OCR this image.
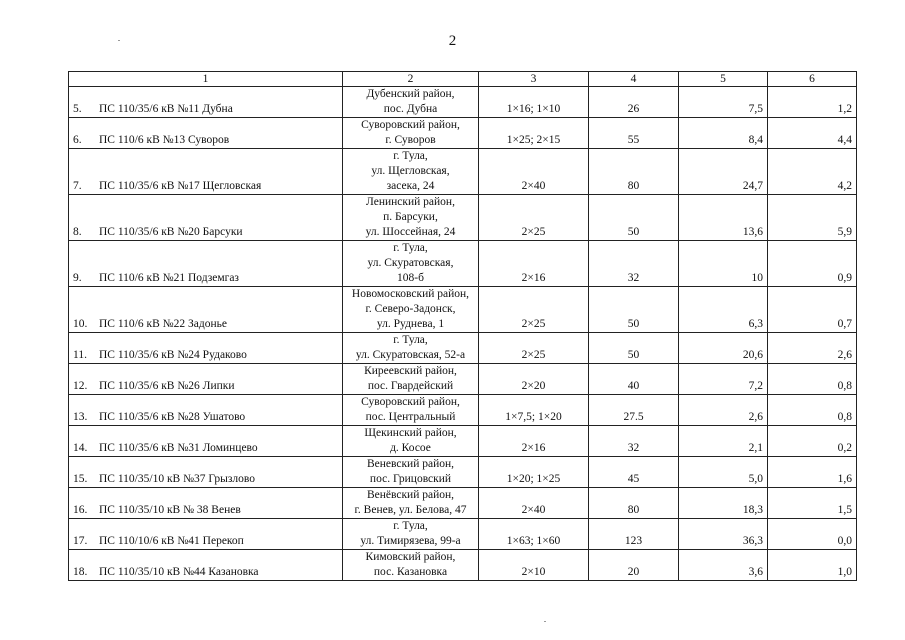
2
1	2	3	4	5	6
5. ПС 110/35/6 кВ №11 Дубна	Дубенский район,
пос. Дубна	1×16; 1×10	26	7,5	1,2
6. ПС 110/6 кВ №13 Суворов	Суворовский район,
г. Суворов	1×25; 2×15	55	8,4	4,4
7. ПС 110/35/6 кВ №17 Щегловская	г. Тула,
ул. Щегловская,
засека, 24	2×40	80	24,7	4,2
8. ПС 110/35/6 кВ №20 Барсуки	Ленинский район,
п. Барсуки,
ул. Шоссейная, 24	2×25	50	13,6	5,9
9. ПС 110/6 кВ №21 Подземгаз	г. Тула,
ул. Скуратовская,
108-б	2×16	32	10	0,9
10. ПС 110/6 кВ №22 Задонье	Новомосковский район,
г. Северо-Задонск,
ул. Руднева, 1	2×25	50	6,3	0,7
11. ПС 110/35/6 кВ №24 Рудаково	г. Тула,
ул. Скуратовская, 52-а	2×25	50	20,6	2,6
12. ПС 110/35/6 кВ №26 Липки	Киреевский район,
пос. Гвардейский	2×20	40	7,2	0,8
13. ПС 110/35/6 кВ №28 Ушатово	Суворовский район,
пос. Центральный	1×7,5; 1×20	27.5	2,6	0,8
14. ПС 110/35/6 кВ №31 Ломинцево	Щекинский район,
д. Косое	2×16	32	2,1	0,2
15. ПС 110/35/10 кВ №37 Грызлово	Веневский район,
пос. Грицовский	1×20; 1×25	45	5,0	1,6
16. ПС 110/35/10 кВ № 38 Венев	Венёвский район,
г. Венев, ул. Белова, 47	2×40	80	18,3	1,5
17. ПС 110/10/6 кВ №41 Перекоп	г. Тула,
ул. Тимирязева, 99-а	1×63; 1×60	123	36,3	0,0
18. ПС 110/35/10 кВ №44 Казановка	Кимовский район,
пос. Казановка	2×10	20	3,6	1,0
